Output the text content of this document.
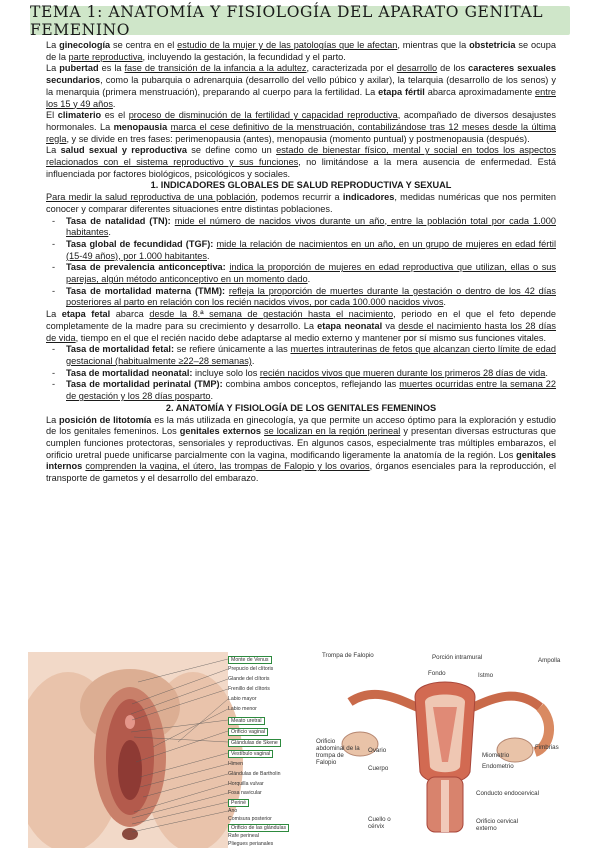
TEMA 1: ANATOMÍA Y FISIOLOGÍA DEL APARATO GENITAL FEMENINO

La ginecología se centra en el estudio de la mujer y de las patologías que le afectan, mientras que la obstetricia se ocupa de la parte reproductiva, incluyendo la gestación, la fecundidad y el parto.

La pubertad es la fase de transición de la infancia a la adultez, caracterizada por el desarrollo de los caracteres sexuales secundarios, como la pubarquia o adrenarquia (desarrollo del vello púbico y axilar), la telarquia (desarrollo de los senos) y la menarquia (primera menstruación), preparando al cuerpo para la fertilidad. La etapa fértil abarca aproximadamente entre los 15 y 49 años.

El climaterio es el proceso de disminución de la fertilidad y capacidad reproductiva, acompañado de diversos desajustes hormonales. La menopausia marca el cese definitivo de la menstruación, contabilizándose tras 12 meses desde la última regla, y se divide en tres fases: perimenopausia (antes), menopausia (momento puntual) y postmenopausia (después).

La salud sexual y reproductiva se define como un estado de bienestar físico, mental y social en todos los aspectos relacionados con el sistema reproductivo y sus funciones, no limitándose a la mera ausencia de enfermedad. Está influenciada por factores biológicos, psicológicos y sociales.

1. INDICADORES GLOBALES DE SALUD REPRODUCTIVA Y SEXUAL

Para medir la salud reproductiva de una población, podemos recurrir a indicadores, medidas numéricas que nos permiten conocer y comparar diferentes situaciones entre distintas poblaciones.

- Tasa de natalidad (TN): mide el número de nacidos vivos durante un año, entre la población total por cada 1.000 habitantes.
- Tasa global de fecundidad (TGF): mide la relación de nacimientos en un año, en un grupo de mujeres en edad fértil (15-49 años), por 1.000 habitantes.
- Tasa de prevalencia anticonceptiva: indica la proporción de mujeres en edad reproductiva que utilizan, ellas o sus parejas, algún método anticonceptivo en un momento dado.
- Tasa de mortalidad materna (TMM): refleja la proporción de muertes durante la gestación o dentro de los 42 días posteriores al parto en relación con los recién nacidos vivos, por cada 100.000 nacidos vivos.

La etapa fetal abarca desde la 8.ª semana de gestación hasta el nacimiento, periodo en el que el feto depende completamente de la madre para su crecimiento y desarrollo. La etapa neonatal va desde el nacimiento hasta los 28 días de vida, tiempo en el que el recién nacido debe adaptarse al medio externo y mantener por sí mismo sus funciones vitales.

- Tasa de mortalidad fetal: se refiere únicamente a las muertes intrauterinas de fetos que alcanzan cierto límite de edad gestacional (habitualmente ≥22–28 semanas).
- Tasa de mortalidad neonatal: incluye solo los recién nacidos vivos que mueren durante los primeros 28 días de vida.
- Tasa de mortalidad perinatal (TMP): combina ambos conceptos, reflejando las muertes ocurridas entre la semana 22 de gestación y los 28 días posparto.

2. ANATOMÍA Y FISIOLOGÍA DE LOS GENITALES FEMENINOS

La posición de litotomía es la más utilizada en ginecología, ya que permite un acceso óptimo para la exploración y estudio de los genitales femeninos. Los genitales externos se localizan en la región perineal y presentan diversas estructuras que cumplen funciones protectoras, sensoriales y reproductivas. En algunos casos, especialmente tras múltiples embarazos, el orificio uretral puede unificarse parcialmente con la vagina, modificando ligeramente la anatomía de la región. Los genitales internos comprenden la vagina, el útero, las trompas de Falopio y los ovarios, órganos esenciales para la reproducción, el transporte de gametos y el desarrollo del embarazo.

Monte de Venus
Prepucio del clítoris
Glande del clítoris
Frenillo del clítoris
Labio mayor
Labio menor
Meato uretral
Orificio vaginal
Glándulas de Skene
Vestíbulo vaginal
Himen
Glándulas de Bartholin
Horquilla vulvar
Fosa navicular
Periné
Ano
Comisura posterior
Orificio de las glándulas
Rafe perineal
Pliegues perianales
Trompa de Falopio	Porción intramural	Ampolla
Fondo	Istmo
Orificio abdominal de la trompa de Falopio
Ovario	Fimbrias
Cuerpo
Miometrio
Endometrio
Conducto endocervical
Cuello o cérvix
Orificio cervical externo
